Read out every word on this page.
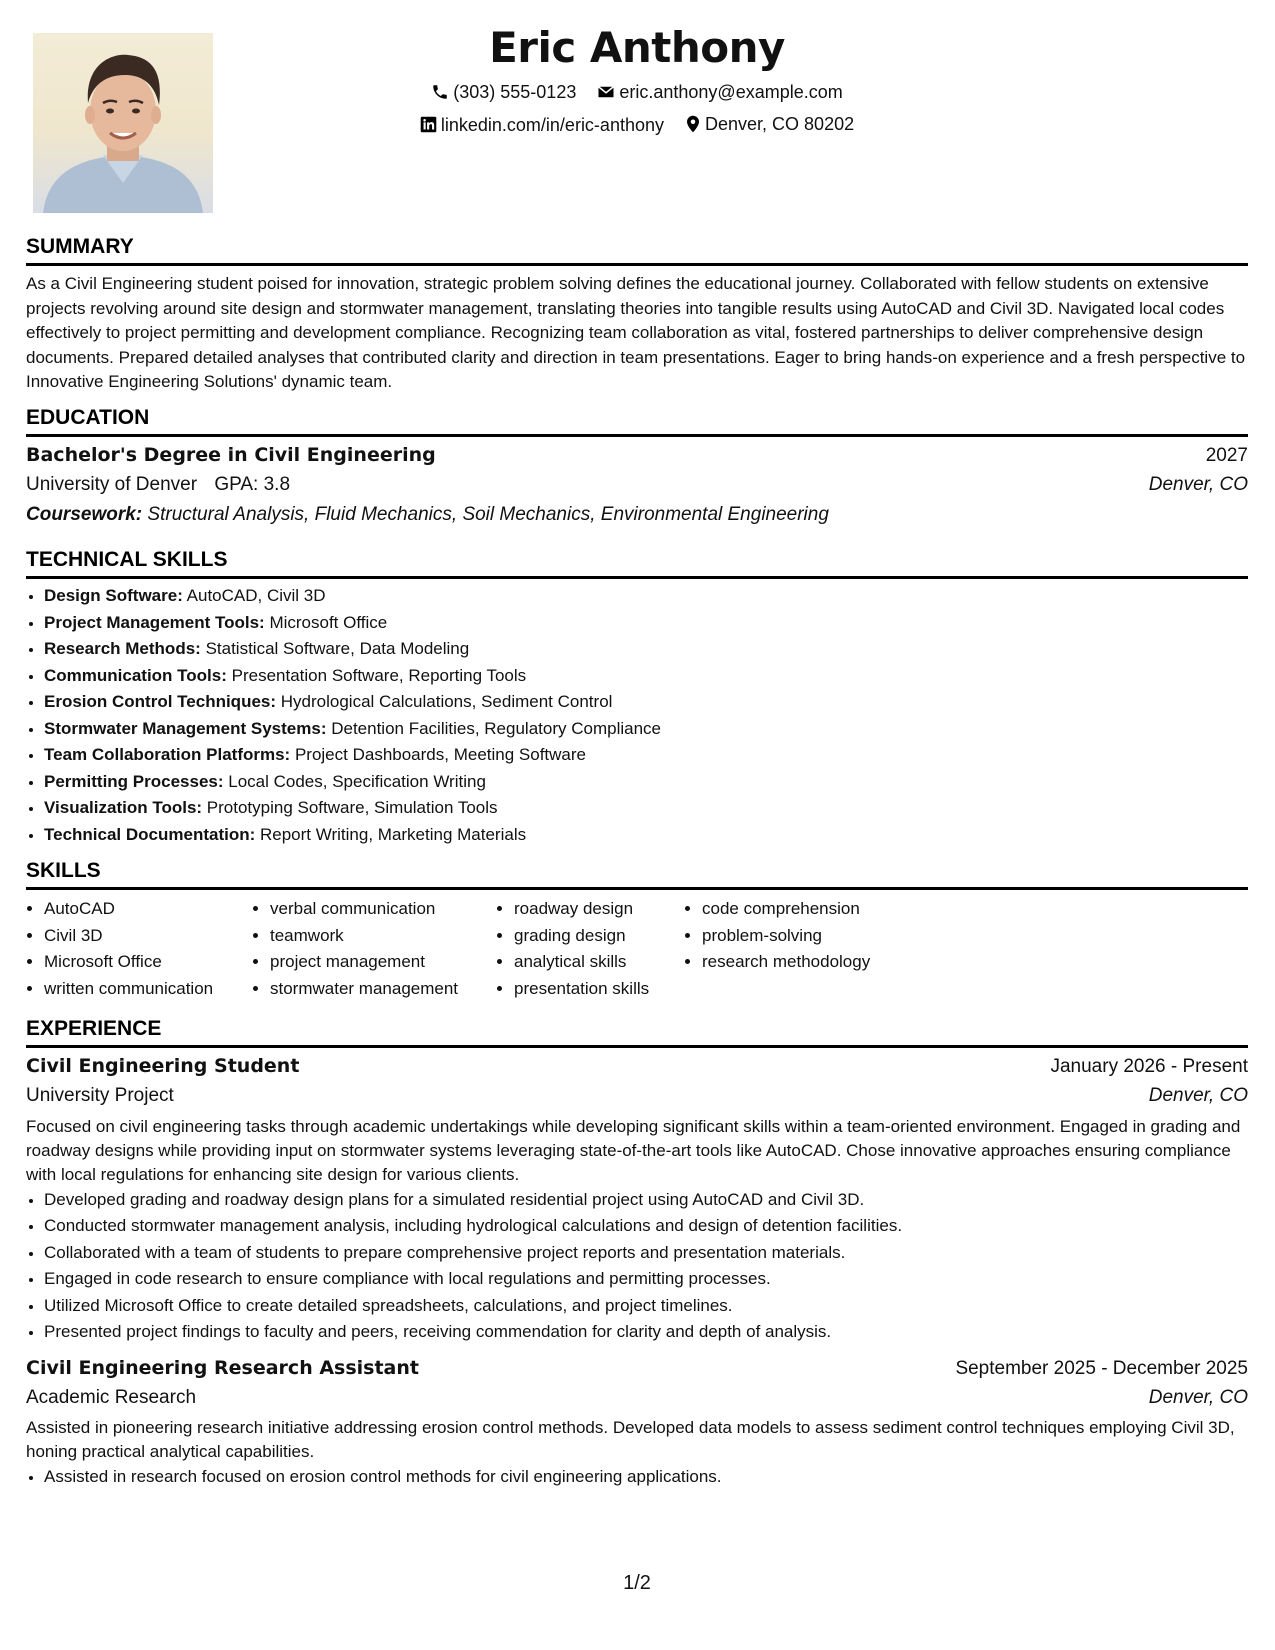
Eric Anthony
(303) 555-0123
eric.anthony@example.com
linkedin.com/in/eric-anthony
Denver, CO 80202
SUMMARY
As a Civil Engineering student poised for innovation, strategic problem solving defines the educational journey. Collaborated with fellow students on extensive projects revolving around site design and stormwater management, translating theories into tangible results using AutoCAD and Civil 3D. Navigated local codes effectively to project permitting and development compliance. Recognizing team collaboration as vital, fostered partnerships to deliver comprehensive design documents. Prepared detailed analyses that contributed clarity and direction in team presentations. Eager to bring hands-on experience and a fresh perspective to Innovative Engineering Solutions' dynamic team.
EDUCATION
Bachelor's Degree in Civil Engineering	2027
University of Denver GPA: 3.8	Denver, CO
Coursework: Structural Analysis, Fluid Mechanics, Soil Mechanics, Environmental Engineering
TECHNICAL SKILLS
• Design Software: AutoCAD, Civil 3D
• Project Management Tools: Microsoft Office
• Research Methods: Statistical Software, Data Modeling
• Communication Tools: Presentation Software, Reporting Tools
• Erosion Control Techniques: Hydrological Calculations, Sediment Control
• Stormwater Management Systems: Detention Facilities, Regulatory Compliance
• Team Collaboration Platforms: Project Dashboards, Meeting Software
• Permitting Processes: Local Codes, Specification Writing
• Visualization Tools: Prototyping Software, Simulation Tools
• Technical Documentation: Report Writing, Marketing Materials
SKILLS
• AutoCAD
• Civil 3D
• Microsoft Office
• written communication
• verbal communication
• teamwork
• project management
• stormwater management
• roadway design
• grading design
• analytical skills
• presentation skills
• code comprehension
• problem-solving
• research methodology
EXPERIENCE
Civil Engineering Student	January 2026 - Present
University Project	Denver, CO
Focused on civil engineering tasks through academic undertakings while developing significant skills within a team-oriented environment. Engaged in grading and roadway designs while providing input on stormwater systems leveraging state-of-the-art tools like AutoCAD. Chose innovative approaches ensuring compliance with local regulations for enhancing site design for various clients.
• Developed grading and roadway design plans for a simulated residential project using AutoCAD and Civil 3D.
• Conducted stormwater management analysis, including hydrological calculations and design of detention facilities.
• Collaborated with a team of students to prepare comprehensive project reports and presentation materials.
• Engaged in code research to ensure compliance with local regulations and permitting processes.
• Utilized Microsoft Office to create detailed spreadsheets, calculations, and project timelines.
• Presented project findings to faculty and peers, receiving commendation for clarity and depth of analysis.
Civil Engineering Research Assistant	September 2025 - December 2025
Academic Research	Denver, CO
Assisted in pioneering research initiative addressing erosion control methods. Developed data models to assess sediment control techniques employing Civil 3D, honing practical analytical capabilities.
• Assisted in research focused on erosion control methods for civil engineering applications.
1/2
